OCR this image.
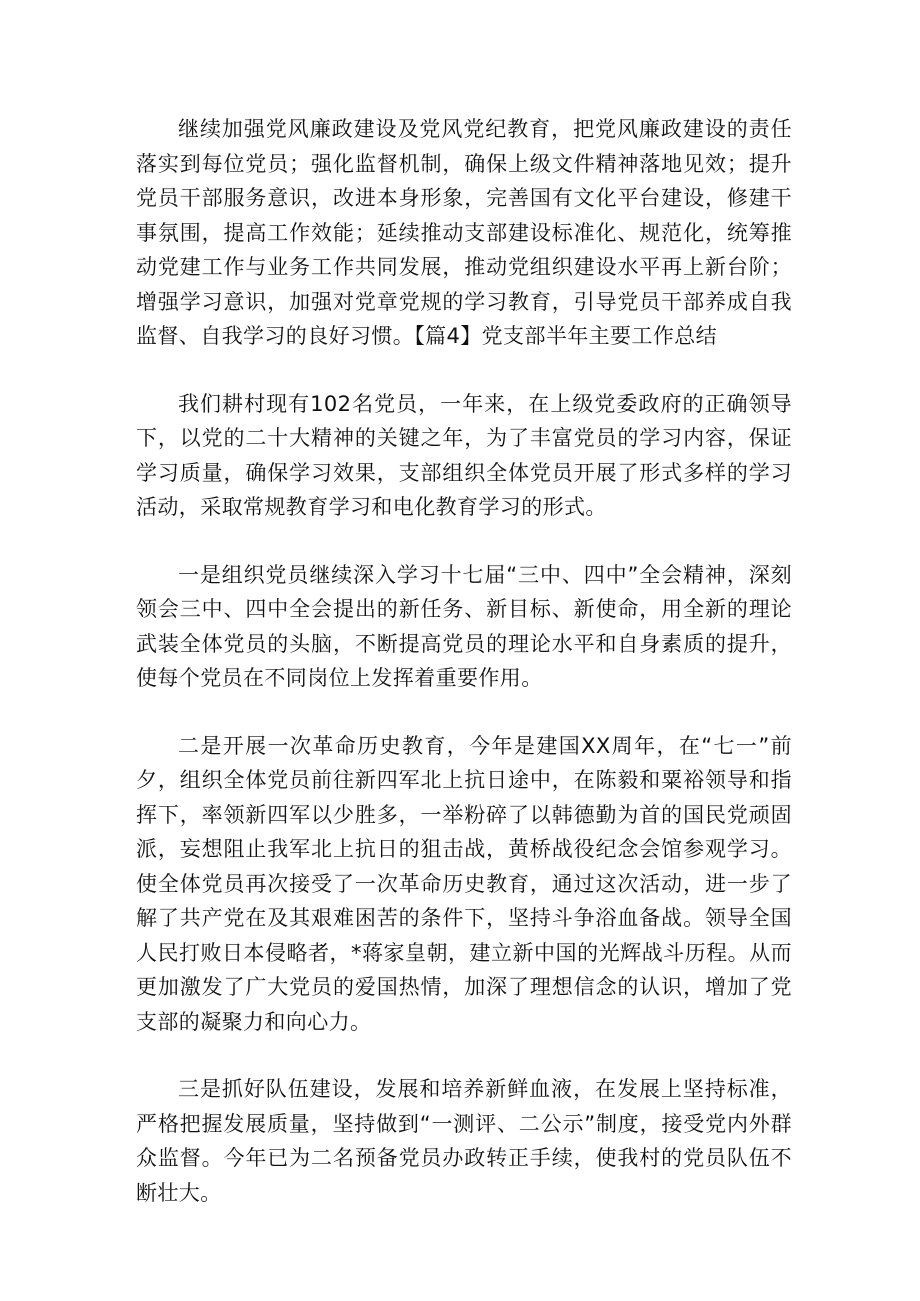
继续加强党风廉政建设及党风党纪教育，把党风廉政建设的责任落实到每位党员；强化监督机制，确保上级文件精神落地见效；提升党员干部服务意识，改进本身形象，完善国有文化平台建设，修建干事氛围，提高工作效能；延续推动支部建设标准化、规范化，统筹推动党建工作与业务工作共同发展，推动党组织建设水平再上新台阶；增强学习意识，加强对党章党规的学习教育，引导党员干部养成自我监督、自我学习的良好习惯。【篇4】党支部半年主要工作总结

我们耕村现有102名党员，一年来，在上级党委政府的正确领导下，以党的二十大精神的关键之年，为了丰富党员的学习内容，保证学习质量，确保学习效果，支部组织全体党员开展了形式多样的学习活动，采取常规教育学习和电化教育学习的形式。

一是组织党员继续深入学习十七届“三中、四中”全会精神，深刻领会三中、四中全会提出的新任务、新目标、新使命，用全新的理论武装全体党员的头脑，不断提高党员的理论水平和自身素质的提升，使每个党员在不同岗位上发挥着重要作用。

二是开展一次革命历史教育，今年是建国XX周年，在“七一”前夕，组织全体党员前往新四军北上抗日途中，在陈毅和粟裕领导和指挥下，率领新四军以少胜多，一举粉碎了以韩德勤为首的国民党顽固派，妄想阻止我军北上抗日的狙击战，黄桥战役纪念会馆参观学习。使全体党员再次接受了一次革命历史教育，通过这次活动，进一步了解了共产党在及其艰难困苦的条件下，坚持斗争浴血备战。领导全国人民打败日本侵略者，*蒋家皇朝，建立新中国的光辉战斗历程。从而更加激发了广大党员的爱国热情，加深了理想信念的认识，增加了党支部的凝聚力和向心力。

三是抓好队伍建设，发展和培养新鲜血液，在发展上坚持标准，严格把握发展质量，坚持做到“一测评、二公示”制度，接受党内外群众监督。今年已为二名预备党员办政转正手续，使我村的党员队伍不断壮大。
